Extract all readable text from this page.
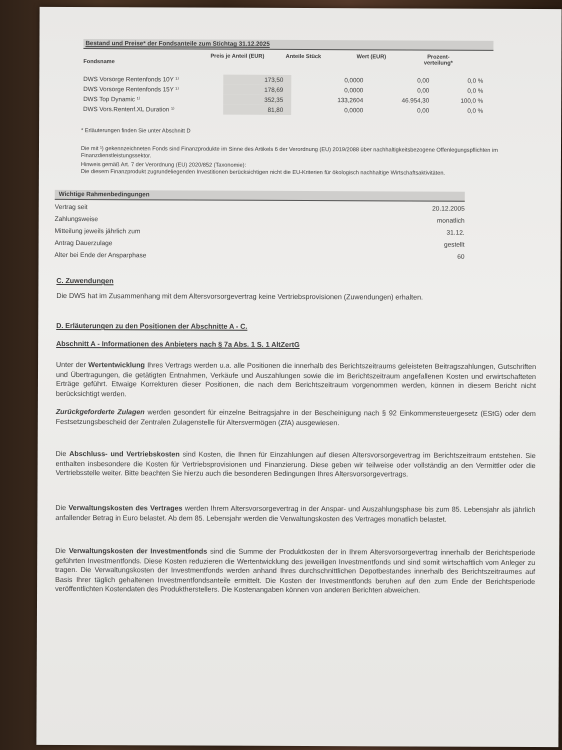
Bestand und Preise* der Fondsanteile zum Stichtag 31.12.2025
Fondsname
Preis je Anteil (EUR)	Anteile Stück	Wert (EUR)	Prozent-verteilung*
DWS Vorsorge Rentenfonds 10Y ¹⁾	173,50	0,0000	0,00	0,0 %
DWS Vorsorge Rentenfonds 15Y ¹⁾	178,69	0,0000	0,00	0,0 %
DWS Top Dynamic ¹⁾	352,35	133,2604	46.954,30	100,0 %
DWS Vors.Rentenf.XL Duration ¹⁾	81,80	0,0000	0,00	0,0 %
* Erläuterungen finden Sie unter Abschnitt D
Die mit ¹) gekennzeichneten Fonds sind Finanzprodukte im Sinne des Artikels 6 der Verordnung (EU) 2019/2088 über nachhaltigkeitsbezogene Offenlegungspflichten im Finanzdienstleistungssektor.
Hinweis gemäß Art. 7 der Verordnung (EU) 2020/852 (Taxonomie):
Die diesem Finanzprodukt zugrundeliegenden Investitionen berücksichtigen nicht die EU-Kriterien für ökologisch nachhaltige Wirtschaftsaktivitäten.
Wichtige Rahmenbedingungen
Vertrag seit	20.12.2005
Zahlungsweise	monatlich
Mitteilung jeweils jährlich zum	31.12.
Antrag Dauerzulage	gestellt
Alter bei Ende der Ansparphase	60
C. Zuwendungen
Die DWS hat im Zusammenhang mit dem Altersvorsorgevertrag keine Vertriebsprovisionen (Zuwendungen) erhalten.
D. Erläuterungen zu den Positionen der Abschnitte A - C.
Abschnitt A - Informationen des Anbieters nach § 7a Abs. 1 S. 1 AltZertG
Unter der Wertentwicklung Ihres Vertrags werden u.a. alle Positionen die innerhalb des Berichtszeitraums geleisteten Beitragszahlungen, Gutschriften und Übertragungen, die getätigten Entnahmen, Verkäufe und Auszahlungen sowie die im Berichtszeitraum angefallenen Kosten und erwirtschafteten Erträge geführt. Etwaige Korrekturen dieser Positionen, die nach dem Berichtszeitraum vorgenommen werden, können in diesem Bericht nicht berücksichtigt werden.
Zurückgeforderte Zulagen werden gesondert für einzelne Beitragsjahre in der Bescheinigung nach § 92 Einkommensteuergesetz (EStG) oder dem Festsetzungsbescheid der Zentralen Zulagenstelle für Altersvermögen (ZfA) ausgewiesen.
Die Abschluss- und Vertriebskosten sind Kosten, die Ihnen für Einzahlungen auf diesen Altersvorsorgevertrag im Berichtszeitraum entstehen. Sie enthalten insbesondere die Kosten für Vertriebsprovisionen und Finanzierung. Diese geben wir teilweise oder vollständig an den Vermittler oder die Vertriebsstelle weiter. Bitte beachten Sie hierzu auch die besonderen Bedingungen Ihres Altersvorsorgevertrags.
Die Verwaltungskosten des Vertrages werden Ihrem Altersvorsorgevertrag in der Anspar- und Auszahlungsphase bis zum 85. Lebensjahr als jährlich anfallender Betrag in Euro belastet. Ab dem 85. Lebensjahr werden die Verwaltungskosten des Vertrages monatlich belastet.
Die Verwaltungskosten der Investmentfonds sind die Summe der Produktkosten der in Ihrem Altersvorsorgevertrag innerhalb der Berichtsperiode geführten Investmentfonds. Diese Kosten reduzieren die Wertentwicklung des jeweiligen Investmentfonds und sind somit wirtschaftlich vom Anleger zu tragen. Die Verwaltungskosten der Investmentfonds werden anhand Ihres durchschnittlichen Depotbestandes innerhalb des Berichtszeitraumes auf Basis Ihrer täglich gehaltenen Investmentfondsanteile ermittelt. Die Kosten der Investmentfonds beruhen auf den zum Ende der Berichtsperiode veröffentlichten Kostendaten des Produktherstellers. Die Kostenangaben können von anderen Berichten abweichen.
